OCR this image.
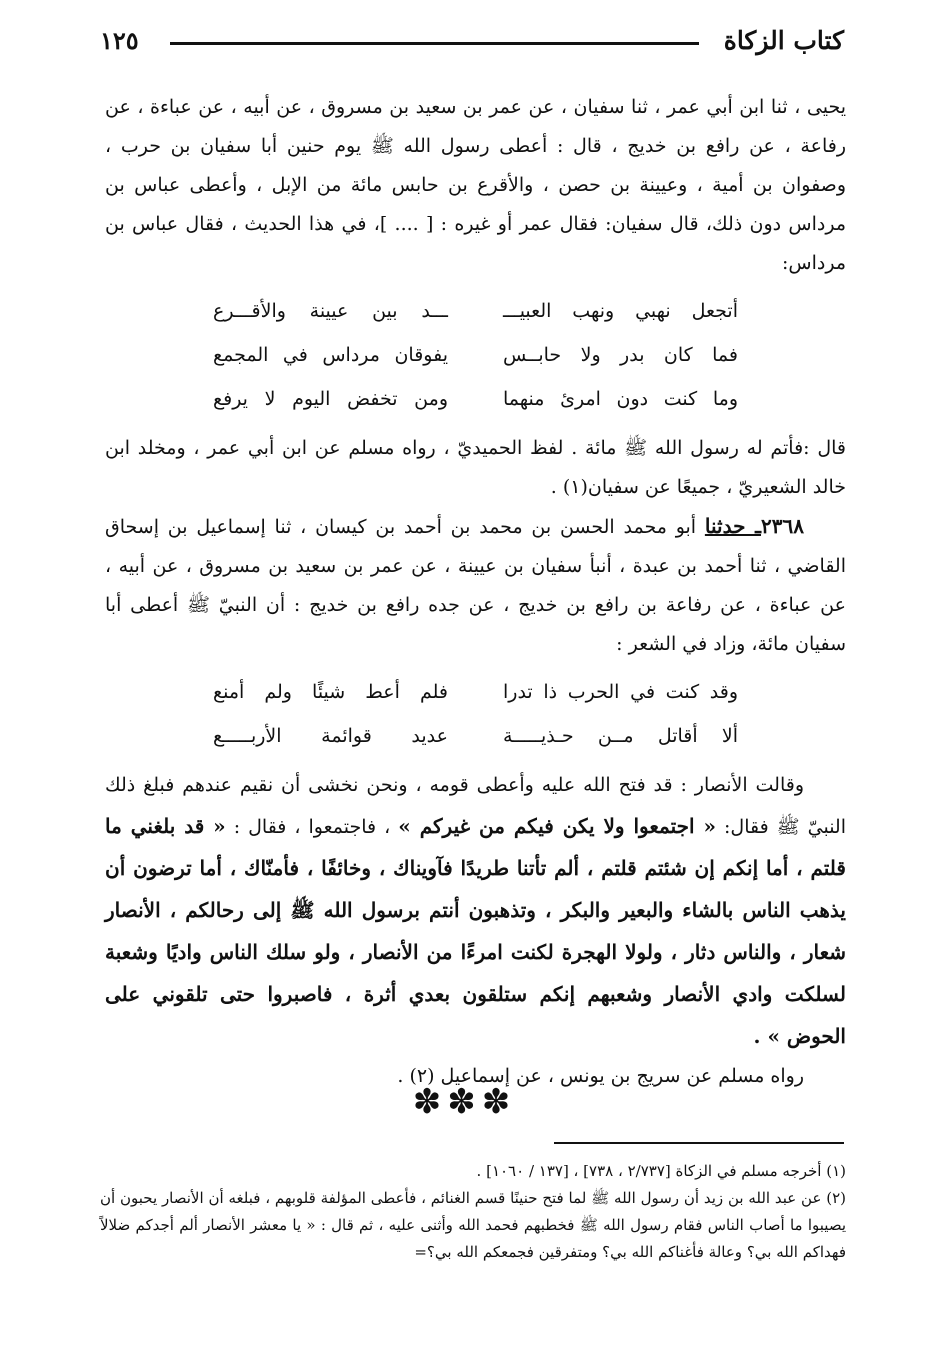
كتاب الزكاة
١٢٥

يحيى ، ثنا ابن أبي عمر ، ثنا سفيان ، عن عمر بن سعيد بن مسروق ، عن أبيه ، عن عباءة ، عن رفاعة ، عن رافع بن خديج ، قال : أعطى رسول الله ﷺ يوم حنين أبا سفيان بن حرب ، وصفوان بن أمية ، وعيينة بن حصن ، والأقرع بن حابس مائة من الإبل ، وأعطى عباس بن مرداس دون ذلك، قال سفيان: فقال عمر أو غيره : [ .... ]، في هذا الحديث ، فقال عباس بن مرداس:

أتجعل نهبي ونهب العبيـــ
ـــد بين عيينة والأقـــرع
فما كان بدر ولا حابــس
يفوقان مرداس في المجمع
وما كنت دون امرئ منهما
ومن تخفض اليوم لا يرفع

قال :فأتم له رسول الله ﷺ مائة . لفظ الحميديّ ، رواه مسلم عن ابن أبي عمر ، ومخلد ابن خالد الشعيريّ ، جميعًا عن سفيان(١) .

٢٣٦٨ـ حدثنا أبو محمد الحسن بن محمد بن أحمد بن كيسان ، ثنا إسماعيل بن إسحاق القاضي ، ثنا أحمد بن عبدة ، أنبأ سفيان بن عيينة ، عن عمر بن سعيد بن مسروق ، عن أبيه ، عن عباءة ، عن رفاعة بن رافع بن خديج ، عن جده رافع بن خديج : أن النبيّ ﷺ أعطى أبا سفيان مائة، وزاد في الشعر :

وقد كنت في الحرب ذا تدرا
فلم أعط شيئًا ولم أمنع
ألا أقاتل مــن حـذيـــــة
عديد قوائمة الأربـــــع

وقالت الأنصار : قد فتح الله عليه وأعطى قومه ، ونحن نخشى أن نقيم عندهم فبلغ ذلك النبيّ ﷺ فقال: « اجتمعوا ولا يكن فيكم من غيركم » ، فاجتمعوا ، فقال : « قد بلغني ما قلتم ، أما إنكم إن شئتم قلتم ، ألم تأتنا طريدًا فآويناك ، وخائفًا ، فأمنّاك ، أما ترضون أن يذهب الناس بالشاء والبعير والبكر ، وتذهبون أنتم برسول الله ﷺ إلى رحالكم ، الأنصار شعار ، والناس دثار ، ولولا الهجرة لكنت امرءًا من الأنصار ، ولو سلك الناس واديًا وشعبة لسلكت وادي الأنصار وشعبهم إنكم ستلقون بعدي أثرة ، فاصبروا حتى تلقوني على الحوض » .

رواه مسلم عن سريج بن يونس ، عن إسماعيل (٢) .

✽✽✽

(١) أخرجه مسلم في الزكاة [٢/٧٣٧ ، ٧٣٨] ، [١٣٧ / ١٠٦٠] .

(٢) عن عبد الله بن زيد أن رسول الله ﷺ لما فتح حنينًا قسم الغنائم ، فأعطى المؤلفة قلوبهم ، فبلغه أن الأنصار يحبون أن يصيبوا ما أصاب الناس فقام رسول الله ﷺ فخطبهم فحمد الله وأثنى عليه ، ثم قال : « يا معشر الأنصار ألم أجدكم ضلالاً فهداكم الله بي؟ وعالة فأغناكم الله بي؟ ومتفرقين فجمعكم الله بي؟=
